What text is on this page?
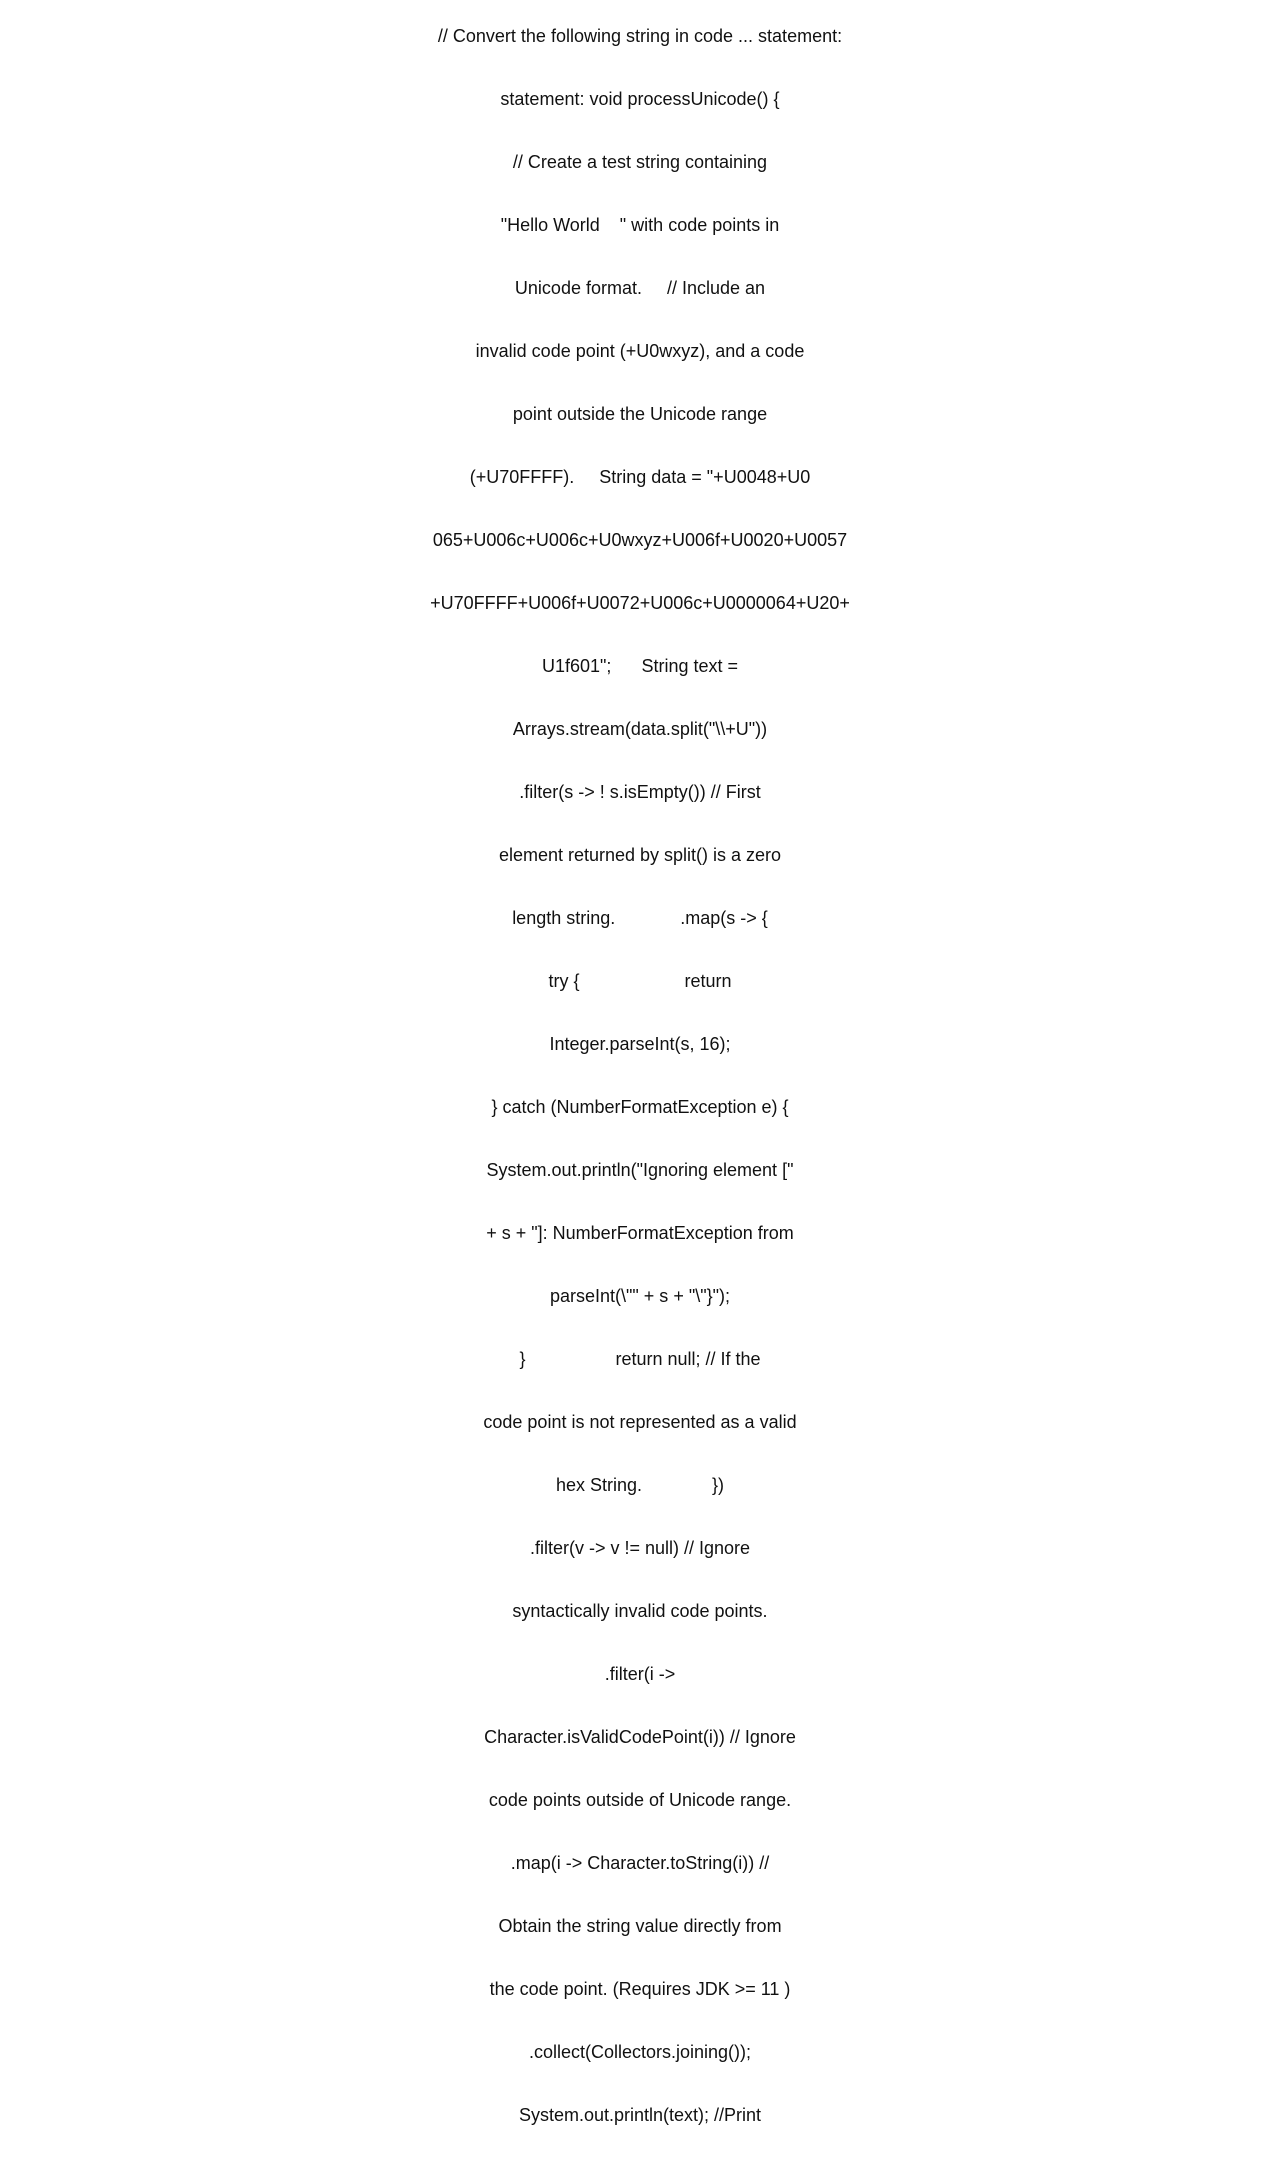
// Convert the following string in code ... statement:

statement: void processUnicode() {

// Create a test string containing

"Hello World    " with code points in

Unicode format.     // Include an

invalid code point (+U0wxyz), and a code

point outside the Unicode range

(+U70FFFF).     String data = "+U0048+U0

065+U006c+U006c+U0wxyz+U006f+U0020+U0057

+U70FFFF+U006f+U0072+U006c+U0000064+U20+

U1f601";      String text =

Arrays.stream(data.split("\\+U"))

.filter(s -> ! s.isEmpty()) // First

element returned by split() is a zero

length string.             .map(s -> {

try {                     return

Integer.parseInt(s, 16);

} catch (NumberFormatException e) {

System.out.println("Ignoring element ["

+ s + "]: NumberFormatException from

parseInt(\"" + s + "\"}");

}                  return null; // If the

code point is not represented as a valid

hex String.              })

.filter(v -> v != null) // Ignore

syntactically invalid code points.

.filter(i ->

Character.isValidCodePoint(i)) // Ignore

code points outside of Unicode range.

.map(i -> Character.toString(i)) //

Obtain the string value directly from

the code point. (Requires JDK >= 11 )

.collect(Collectors.joining());

System.out.println(text); //Print
